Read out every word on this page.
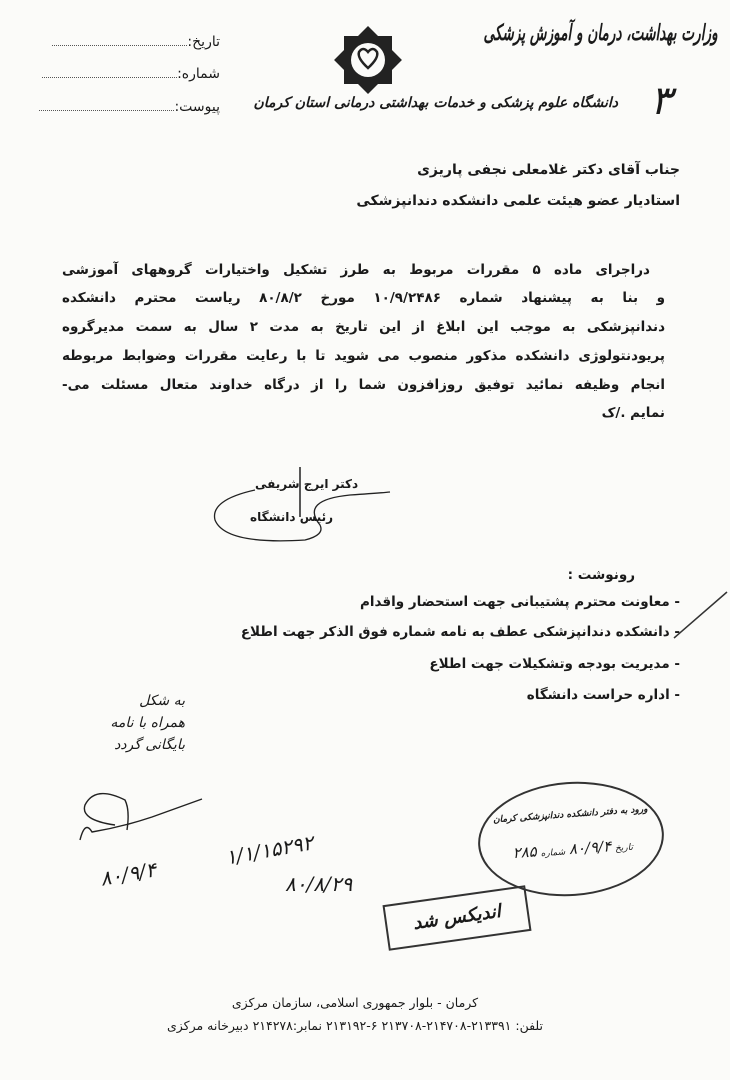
وزارت بهداشت، درمان و آموزش پزشکی
دانشگاه علوم پزشکی و خدمات بهداشتی درمانی استان کرمان ۳
تاریخ:
شماره:
پیوست:
جناب آقای دکتر غلامعلی نجفی پاریزی
استادیار عضو هیئت علمی دانشکده دندانپزشکی
دراجرای ماده ۵ مقررات مربوط به طرز تشکیل واختیارات گروههای آموزشی
و بنا به پیشنهاد شماره ۱۰/۹/۲۴۸۶ مورخ ۸۰/۸/۲ ریاست محترم دانشکده
دندانپزشکی به موجب این ابلاغ از این تاریخ به مدت ۲ سال به سمت مدیرگروه
پریودنتولوژی دانشکده مذکور منصوب می شوید تا با رعایت مقررات وضوابط مربوطه
انجام وظیفه نمائید توفیق روزافزون شما را از درگاه خداوند متعال مسئلت می-
نمایم ./ک
دکتر ایرج شریفی
رئیس دانشگاه
رونوشت :
- معاونت محترم پشتیبانی جهت استحضار واقدام
- دانشکده دندانپزشکی عطف به نامه شماره فوق الذکر جهت اطلاع
- مدیریت بودجه وتشکیلات جهت اطلاع
- اداره حراست دانشگاه
به شکل
همراه با نامه
بایگانی گردد
۸۰/۹/۴
۱/۱/۱۵۲۹۲
۸۰/۸/۲۹
ورود به دفتر دانشکده دندانپزشکی کرمان
تاریخ ۸۰/۹/۴ شماره ۲۸۵
اندیکس شد
کرمان - بلوار جمهوری اسلامی، سازمان مرکزی
تلفن: ۲۱۳۳۹۱-۲۱۴۷۰۸-۲۱۳۷۰۸ ۶-۲۱۳۱۹۲ نمابر:۲۱۴۲۷۸ دبیرخانه مرکزی
